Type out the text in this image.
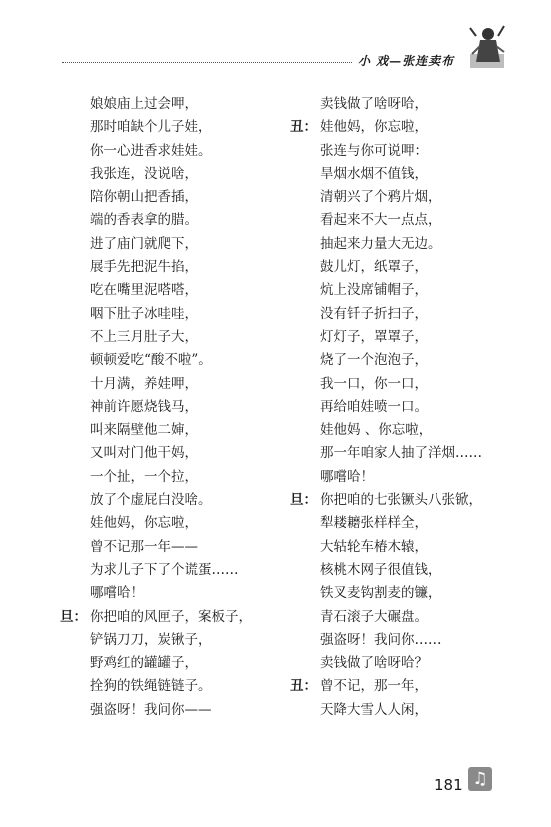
小 戏—张连卖布
娘娘庙上过会呷，
那时咱缺个儿子娃，
你一心进香求娃娃。
我张连，没说啥，
陪你朝山把香插，
端的香表拿的腊。
进了庙门就爬下，
展手先把泥牛掐，
吃在嘴里泥嗒嗒，
咽下肚子冰哇哇，
不上三月肚子大，
顿顿爱吃“酸不啦”。
十月满，养娃呷，
神前许愿烧钱马，
叫来隔壁他二婶，
又叫对门他干妈，
一个扯，一个拉，
放了个虚屁白没啥。
娃他妈，你忘啦，
曾不记那一年——
为求儿子下了个谎蛋……
哪嚐哈！
旦： 你把咱的风匣子，案板子，
铲锅刀刀，炭锹子，
野鸡红的罐罐子，
拴狗的铁绳链链子。
强盗呀！我问你——
卖钱做了啥呀哈，
丑： 娃他妈，你忘啦，
张连与你可说呷：
旱烟水烟不值钱，
清朝兴了个鸦片烟，
看起来不大一点点，
抽起来力量大无边。
鼓儿灯，纸罩子，
炕上没席铺帽子，
没有钎子折扫子，
灯灯子，罩罩子，
烧了一个泡泡子，
我一口，你一口，
再给咱娃喷一口。
娃他妈 、你忘啦，
那一年咱家人抽了洋烟……
哪嚐哈！
旦： 你把咱的七张镢头八张锨，
犁耧耱张样样全，
大轱轮车椿木辕，
核桃木网子很值钱，
铁叉麦钩割麦的镰，
青石滚子大碾盘。
强盗呀！我问你……
卖钱做了啥呀哈？
丑： 曾不记，那一年，
天降大雪人人闲，
181 ♫
